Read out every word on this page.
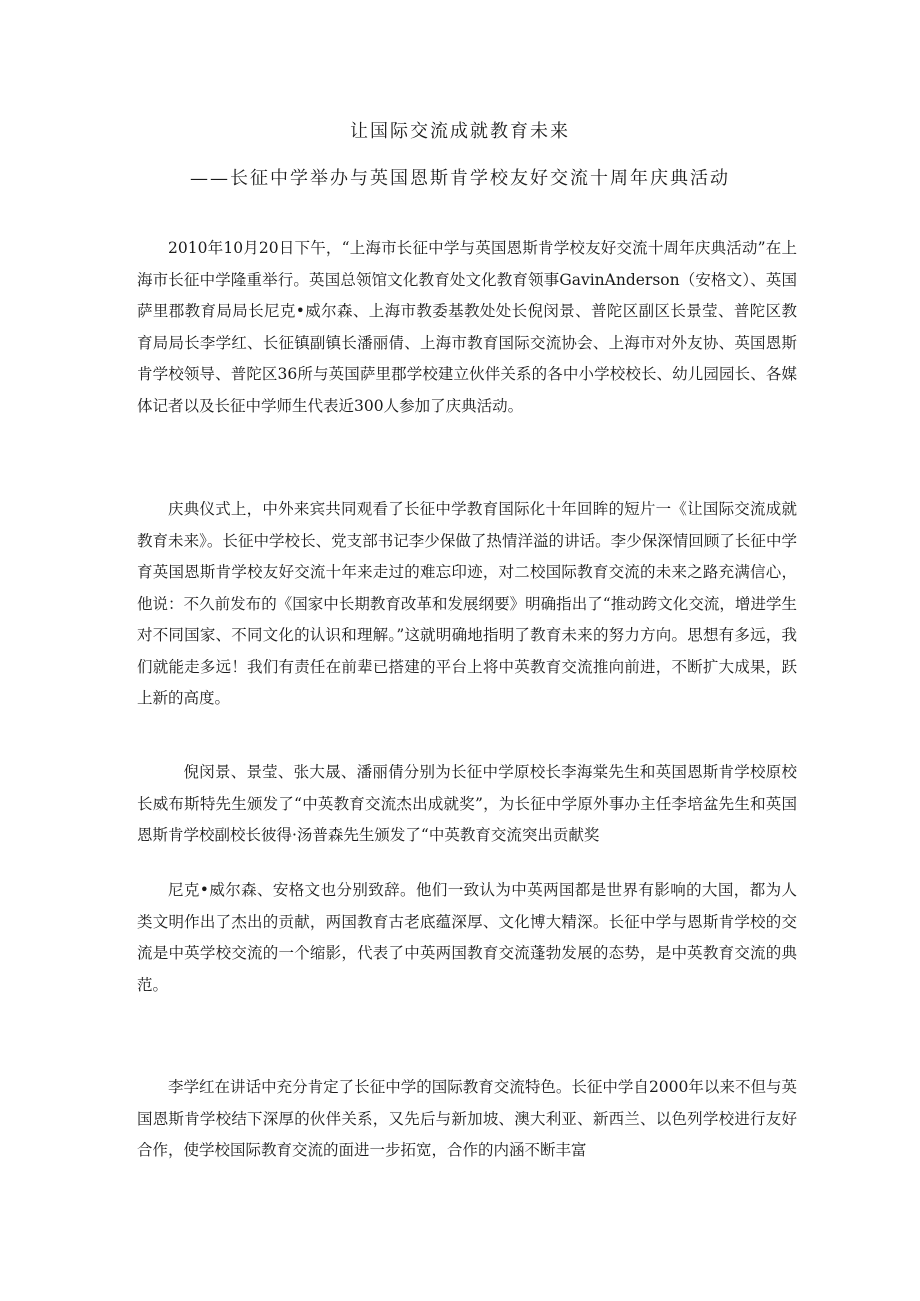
让国际交流成就教育未来
——长征中学举办与英国恩斯肯学校友好交流十周年庆典活动

2010年10月20日下午，“上海市长征中学与英国恩斯肯学校友好交流十周年庆典活动”在上海市长征中学隆重举行。英国总领馆文化教育处文化教育领事GavinAnderson（安格文）、英国萨里郡教育局局长尼克•威尔森、上海市教委基教处处长倪闵景、普陀区副区长景莹、普陀区教育局局长李学红、长征镇副镇长潘丽倩、上海市教育国际交流协会、上海市对外友协、英国恩斯肯学校领导、普陀区36所与英国萨里郡学校建立伙伴关系的各中小学校校长、幼儿园园长、各媒体记者以及长征中学师生代表近300人参加了庆典活动。

庆典仪式上，中外来宾共同观看了长征中学教育国际化十年回眸的短片一《让国际交流成就教育未来》。长征中学校长、党支部书记李少保做了热情洋溢的讲话。李少保深情回顾了长征中学育英国恩斯肯学校友好交流十年来走过的难忘印迹，对二校国际教育交流的未来之路充满信心，他说：不久前发布的《国家中长期教育改革和发展纲要》明确指出了“推动跨文化交流，增进学生对不同国家、不同文化的认识和理解。”这就明确地指明了教育未来的努力方向。思想有多远，我们就能走多远！我们有责任在前辈已搭建的平台上将中英教育交流推向前进，不断扩大成果，跃上新的高度。

倪闵景、景莹、张大晟、潘丽倩分别为长征中学原校长李海棠先生和英国恩斯肯学校原校长威布斯特先生颁发了“中英教育交流杰出成就奖”，为长征中学原外事办主任李培盆先生和英国恩斯肯学校副校长彼得·汤普森先生颁发了“中英教育交流突出贡献奖

尼克•威尔森、安格文也分别致辞。他们一致认为中英两国都是世界有影响的大国，都为人类文明作出了杰出的贡献，两国教育古老底蕴深厚、文化博大精深。长征中学与恩斯肯学校的交流是中英学校交流的一个缩影，代表了中英两国教育交流蓬勃发展的态势，是中英教育交流的典范。

李学红在讲话中充分肯定了长征中学的国际教育交流特色。长征中学自2000年以来不但与英国恩斯肯学校结下深厚的伙伴关系，又先后与新加坡、澳大利亚、新西兰、以色列学校进行友好合作，使学校国际教育交流的面进一步拓宽，合作的内涵不断丰富
